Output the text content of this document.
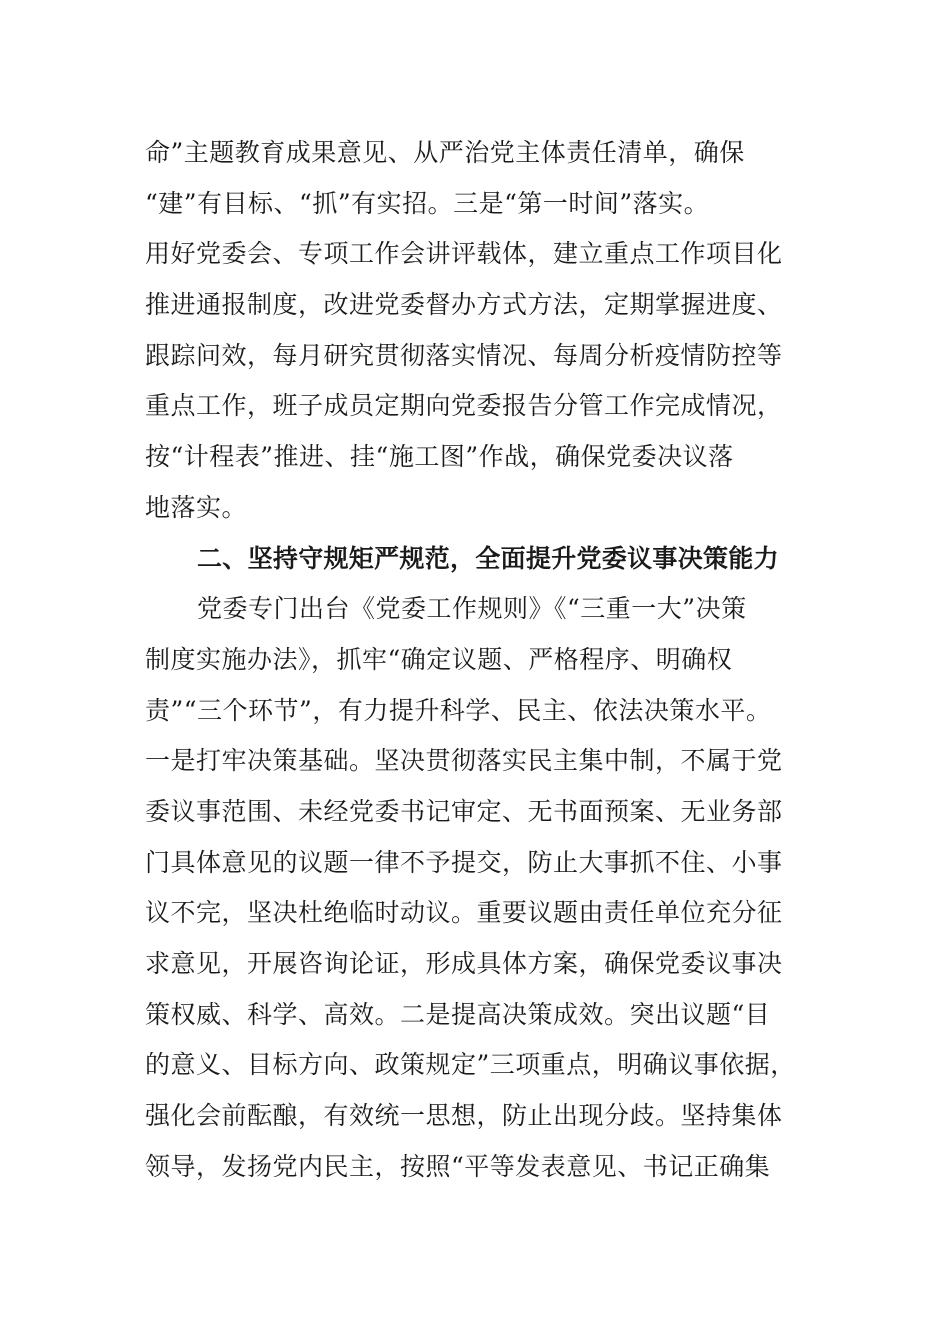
命”主题教育成果意见、从严治党主体责任清单，确保
“建”有目标、“抓”有实招。三是“第一时间”落实。
用好党委会、专项工作会讲评载体，建立重点工作项目化
推进通报制度，改进党委督办方式方法，定期掌握进度、
跟踪问效，每月研究贯彻落实情况、每周分析疫情防控等
重点工作，班子成员定期向党委报告分管工作完成情况，
按“计程表”推进、挂“施工图”作战，确保党委决议落
地落实。
二、坚持守规矩严规范，全面提升党委议事决策能力
党委专门出台《党委工作规则》《“三重一大”决策
制度实施办法》，抓牢“确定议题、严格程序、明确权
责”“三个环节”，有力提升科学、民主、依法决策水平。
一是打牢决策基础。坚决贯彻落实民主集中制，不属于党
委议事范围、未经党委书记审定、无书面预案、无业务部
门具体意见的议题一律不予提交，防止大事抓不住、小事
议不完，坚决杜绝临时动议。重要议题由责任单位充分征
求意见，开展咨询论证，形成具体方案，确保党委议事决
策权威、科学、高效。二是提高决策成效。突出议题“目
的意义、目标方向、政策规定”三项重点，明确议事依据，
强化会前酝酿，有效统一思想，防止出现分歧。坚持集体
领导，发扬党内民主，按照“平等发表意见、书记正确集
